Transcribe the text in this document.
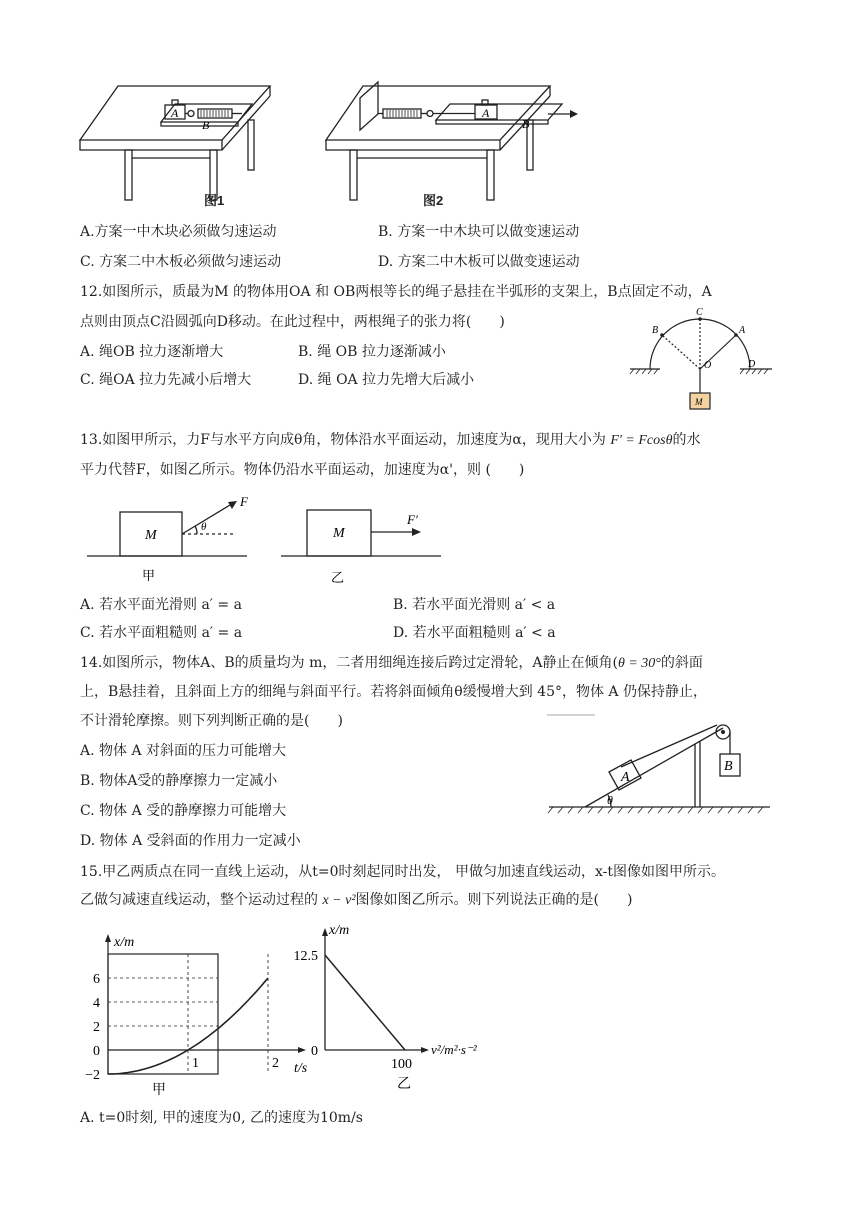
A
B
A
B
图1	图2
A.方案一中木块必须做匀速运动	B. 方案一中木块可以做变速运动
C. 方案二中木板必须做匀速运动	D. 方案二中木板可以做变速运动
12.如图所示，质最为M 的物体用OA 和 OB两根等长的绳子悬挂在半弧形的支架上，B点固定不动，A
点则由顶点C沿圆弧向D移动。在此过程中，两根绳子的张力将(　　)
A. 绳OB 拉力逐渐增大	B. 绳 OB 拉力逐渐减小
C. 绳OA 拉力先减小后增大	D. 绳 OA 拉力先增大后减小
B
C
A
O	D
M
13.如图甲所示，力F与水平方向成θ角，物体沿水平面运动，加速度为α，现用大小为 F′ = Fcosθ的水
平力代替F，如图乙所示。物体仍沿水平面运动，加速度为α'，则 (　　)
M	M
F
θ	F′
甲	乙
A. 若水平面光滑则 a′ = a	B. 若水平面光滑则 a′ < a
C. 若水平面粗糙则 a′ = a	D. 若水平面粗糙则 a′ < a
14.如图所示，物体A、B的质量均为 m，二者用细绳连接后跨过定滑轮，A静止在倾角(θ = 30°的斜面
上，B悬挂着，且斜面上方的细绳与斜面平行。若将斜面倾角θ缓慢增大到 45°，物体 A 仍保持静止，
不计滑轮摩擦。则下列判断正确的是(　　)
A. 物体 A 对斜面的压力可能增大
B. 物体A受的静摩擦力一定减小
C. 物体 A 受的静摩擦力可能增大
D. 物体 A 受斜面的作用力一定减小
A
B
θ
15.甲乙两质点在同一直线上运动，从t=0时刻起同时出发， 甲做匀加速直线运动，x-t图像如图甲所示。
乙做匀减速直线运动，整个运动过程的 x − v²图像如图乙所示。则下列说法正确的是(　　)
6
4
2
0
−2
1	2
x/m
t/s
甲
12.5
0
100
x/m
v²/m²·s⁻²
乙
A. t=0时刻, 甲的速度为0, 乙的速度为10m/s
